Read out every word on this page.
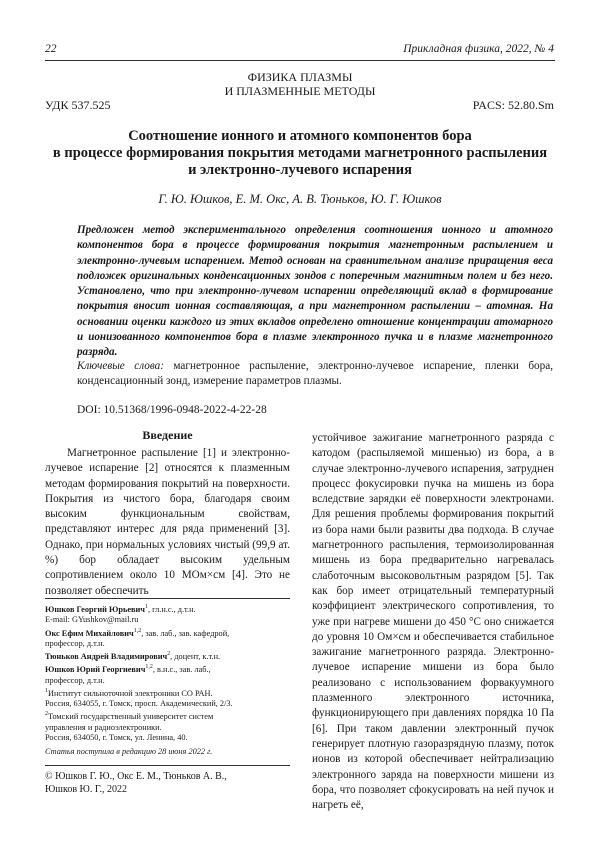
22	Прикладная физика, 2022, № 4
ФИЗИКА ПЛАЗМЫ
И ПЛАЗМЕННЫЕ МЕТОДЫ
УДК 537.525	PACS: 52.80.Sm
Соотношение ионного и атомного компонентов бора
в процессе формирования покрытия методами магнетронного распыления
и электронно-лучевого испарения
Г. Ю. Юшков, Е. М. Окс, А. В. Тюньков, Ю. Г. Юшков
Предложен метод экспериментального определения соотношения ионного и атомного компонентов бора в процессе формирования покрытия магнетронным распылением и электронно-лучевым испарением. Метод основан на сравнительном анализе приращения веса подложек оригинальных конденсационных зондов с поперечным магнитным полем и без него. Установлено, что при электронно-лучевом испарении определяющий вклад в формирование покрытия вносит ионная составляющая, а при магнетронном распылении – атомная. На основании оценки каждого из этих вкладов определено отношение концентрации атомарного и ионизованного компонентов бора в плазме электронного пучка и в плазме магнетронного разряда.
Ключевые слова: магнетронное распыление, электронно-лучевое испарение, пленки бора, конденсационный зонд, измерение параметров плазмы.
DOI: 10.51368/1996-0948-2022-4-22-28
Введение
Магнетронное распыление [1] и электронно-лучевое испарение [2] относятся к плазменным методам формирования покрытий на поверхности. Покрытия из чистого бора, благодаря своим высоким функциональным свойствам, представляют интерес для ряда применений [3]. Однако, при нормальных условиях чистый (99,9 ат. %) бор обладает высоким удельным сопротивлением около 10 МОм×см [4]. Это не позволяет обеспечить

Юшков Георгий Юрьевич$^1$, гл.н.с., д.т.н.

E-mail: GYushkov@mail.ru

Окс Ефим Михайлович$^{1,2}$, зав. лаб., зав. кафедрой,

профессор, д.т.н.

Тюньков Андрей Владимирович$^2$, доцент, к.т.н.

Юшков Юрий Георгиевич$^{1,2}$, в.н.с., зав. лаб.,

профессор, д.т.н.

$^1$Институт сильноточной электроники СО РАН.

Россия, 634055, г. Томск, просп. Академический, 2/3.

$^2$Томский государственный университет систем

управления и радиоэлектроники.

Россия, 634050, г. Томск, ул. Ленина, 40.

Статья поступила в редакцию 28 июня 2022 г.

© Юшков Г. Ю., Окс Е. М., Тюньков А. В.,
Юшков Ю. Г., 2022
устойчивое зажигание магнетронного разряда с катодом (распыляемой мишенью) из бора, а в случае электронно-лучевого испарения, затруднен процесс фокусировки пучка на мишень из бора вследствие зарядки её поверхности электронами. Для решения проблемы формирования покрытий из бора нами были развиты два подхода. В случае магнетронного распыления, термоизолированная мишень из бора предварительно нагревалась слаботочным высоковольтным разрядом [5]. Так как бор имеет отрицательный температурный коэффициент электрического сопротивления, то уже при нагреве мишени до 450 °С оно снижается до уровня 10 Ом×см и обеспечивается стабильное зажигание магнетронного разряда. Электронно-лучевое испарение мишени из бора было реализовано с использованием форвакуумного плазменного электронного источника, функционирующего при давлениях порядка 10 Па [6]. При таком давлении электронный пучок генерирует плотную газоразрядную плазму, поток ионов из которой обеспечивает нейтрализацию электронного заряда на поверхности мишени из бора, что позволяет сфокусировать на ней пучок и нагреть её,
